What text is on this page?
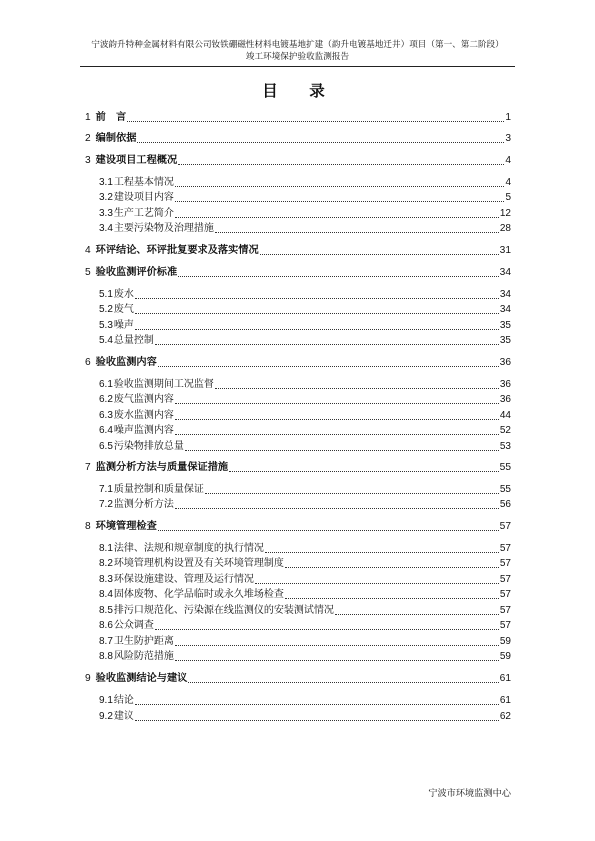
宁波韵升特种金属材料有限公司钕铁硼磁性材料电镀基地扩建（韵升电镀基地迁井）项目（第一、第二阶段）
竣工环境保护验收监测报告
目　录
1 前　言	1
2 编制依据	3
3 建设项目工程概况	4
3.1 工程基本情况	4
3.2 建设项目内容	5
3.3 生产工艺简介	12
3.4 主要污染物及治理措施	28
4 环评结论、环评批复要求及落实情况	31
5 验收监测评价标准	34
5.1 废水	34
5.2 废气	34
5.3 噪声	35
5.4 总量控制	35
6 验收监测内容	36
6.1 验收监测期间工况监督	36
6.2 废气监测内容	36
6.3 废水监测内容	44
6.4 噪声监测内容	52
6.5 污染物排放总量	53
7 监测分析方法与质量保证措施	55
7.1 质量控制和质量保证	55
7.2 监测分析方法	56
8 环境管理检查	57
8.1 法律、法规和规章制度的执行情况	57
8.2 环境管理机构设置及有关环境管理制度	57
8.3 环保设施建设、管理及运行情况	57
8.4 固体废物、化学品临时或永久堆场检查	57
8.5 排污口规范化、污染源在线监测仪的安装测试情况	57
8.6 公众调查	57
8.7 卫生防护距离	59
8.8 风险防范措施	59
9 验收监测结论与建议	61
9.1 结论	61
9.2 建议	62
宁波市环境监测中心
